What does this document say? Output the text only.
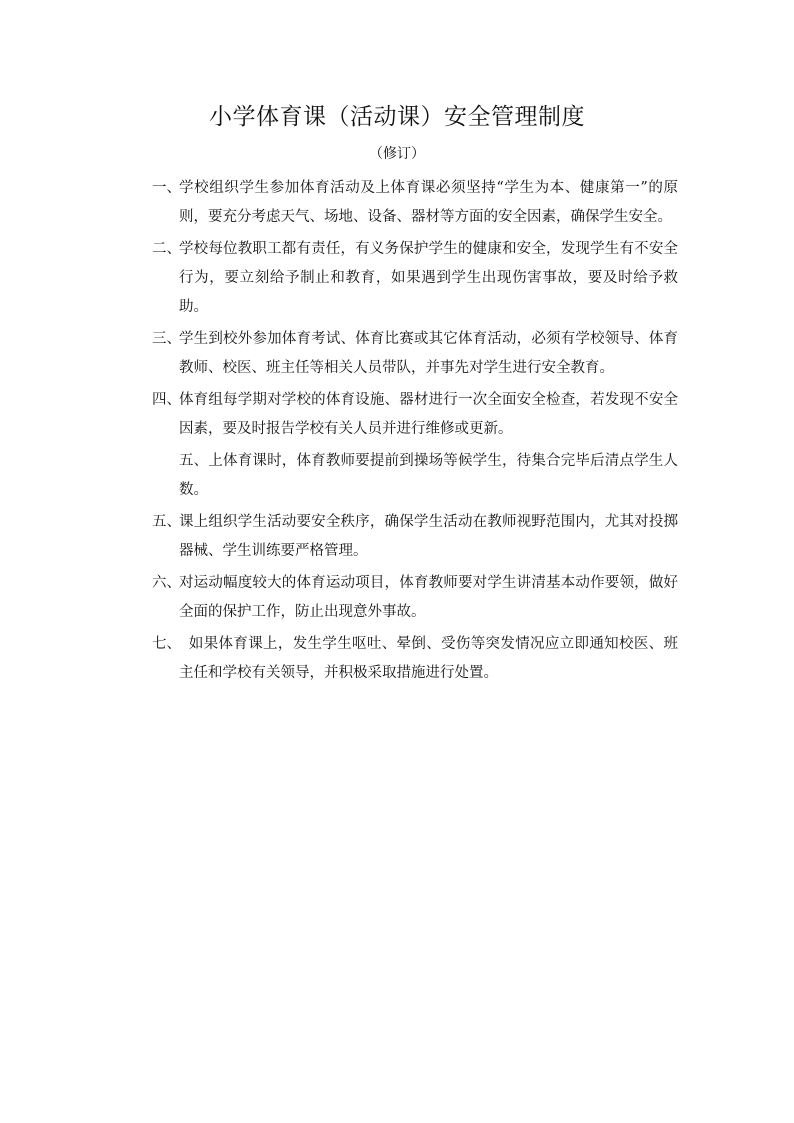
小学体育课（活动课）安全管理制度
（修订）

一、
学校组织学生参加体育活动及上体育课必须坚持“学生为本、健康第一”的原则，要充分考虑天气、场地、设备、器材等方面的安全因素，确保学生安全。

二、
学校每位教职工都有责任，有义务保护学生的健康和安全，发现学生有不安全行为，要立刻给予制止和教育，如果遇到学生出现伤害事故，要及时给予救助。

三、
学生到校外参加体育考试、体育比赛或其它体育活动，必须有学校领导、体育教师、校医、班主任等相关人员带队，并事先对学生进行安全教育。

四、
体育组每学期对学校的体育设施、器材进行一次全面安全检查，若发现不安全因素，要及时报告学校有关人员并进行维修或更新。

五、上体育课时，体育教师要提前到操场等候学生，待集合完毕后清点学生人数。

五、
课上组织学生活动要安全秩序，确保学生活动在教师视野范围内，尤其对投掷器械、学生训练要严格管理。

六、
对运动幅度较大的体育运动项目，体育教师要对学生讲清基本动作要领，做好全面的保护工作，防止出现意外事故。

七、
如果体育课上，发生学生呕吐、晕倒、受伤等突发情况应立即通知校医、班主任和学校有关领导，并积极采取措施进行处置。
